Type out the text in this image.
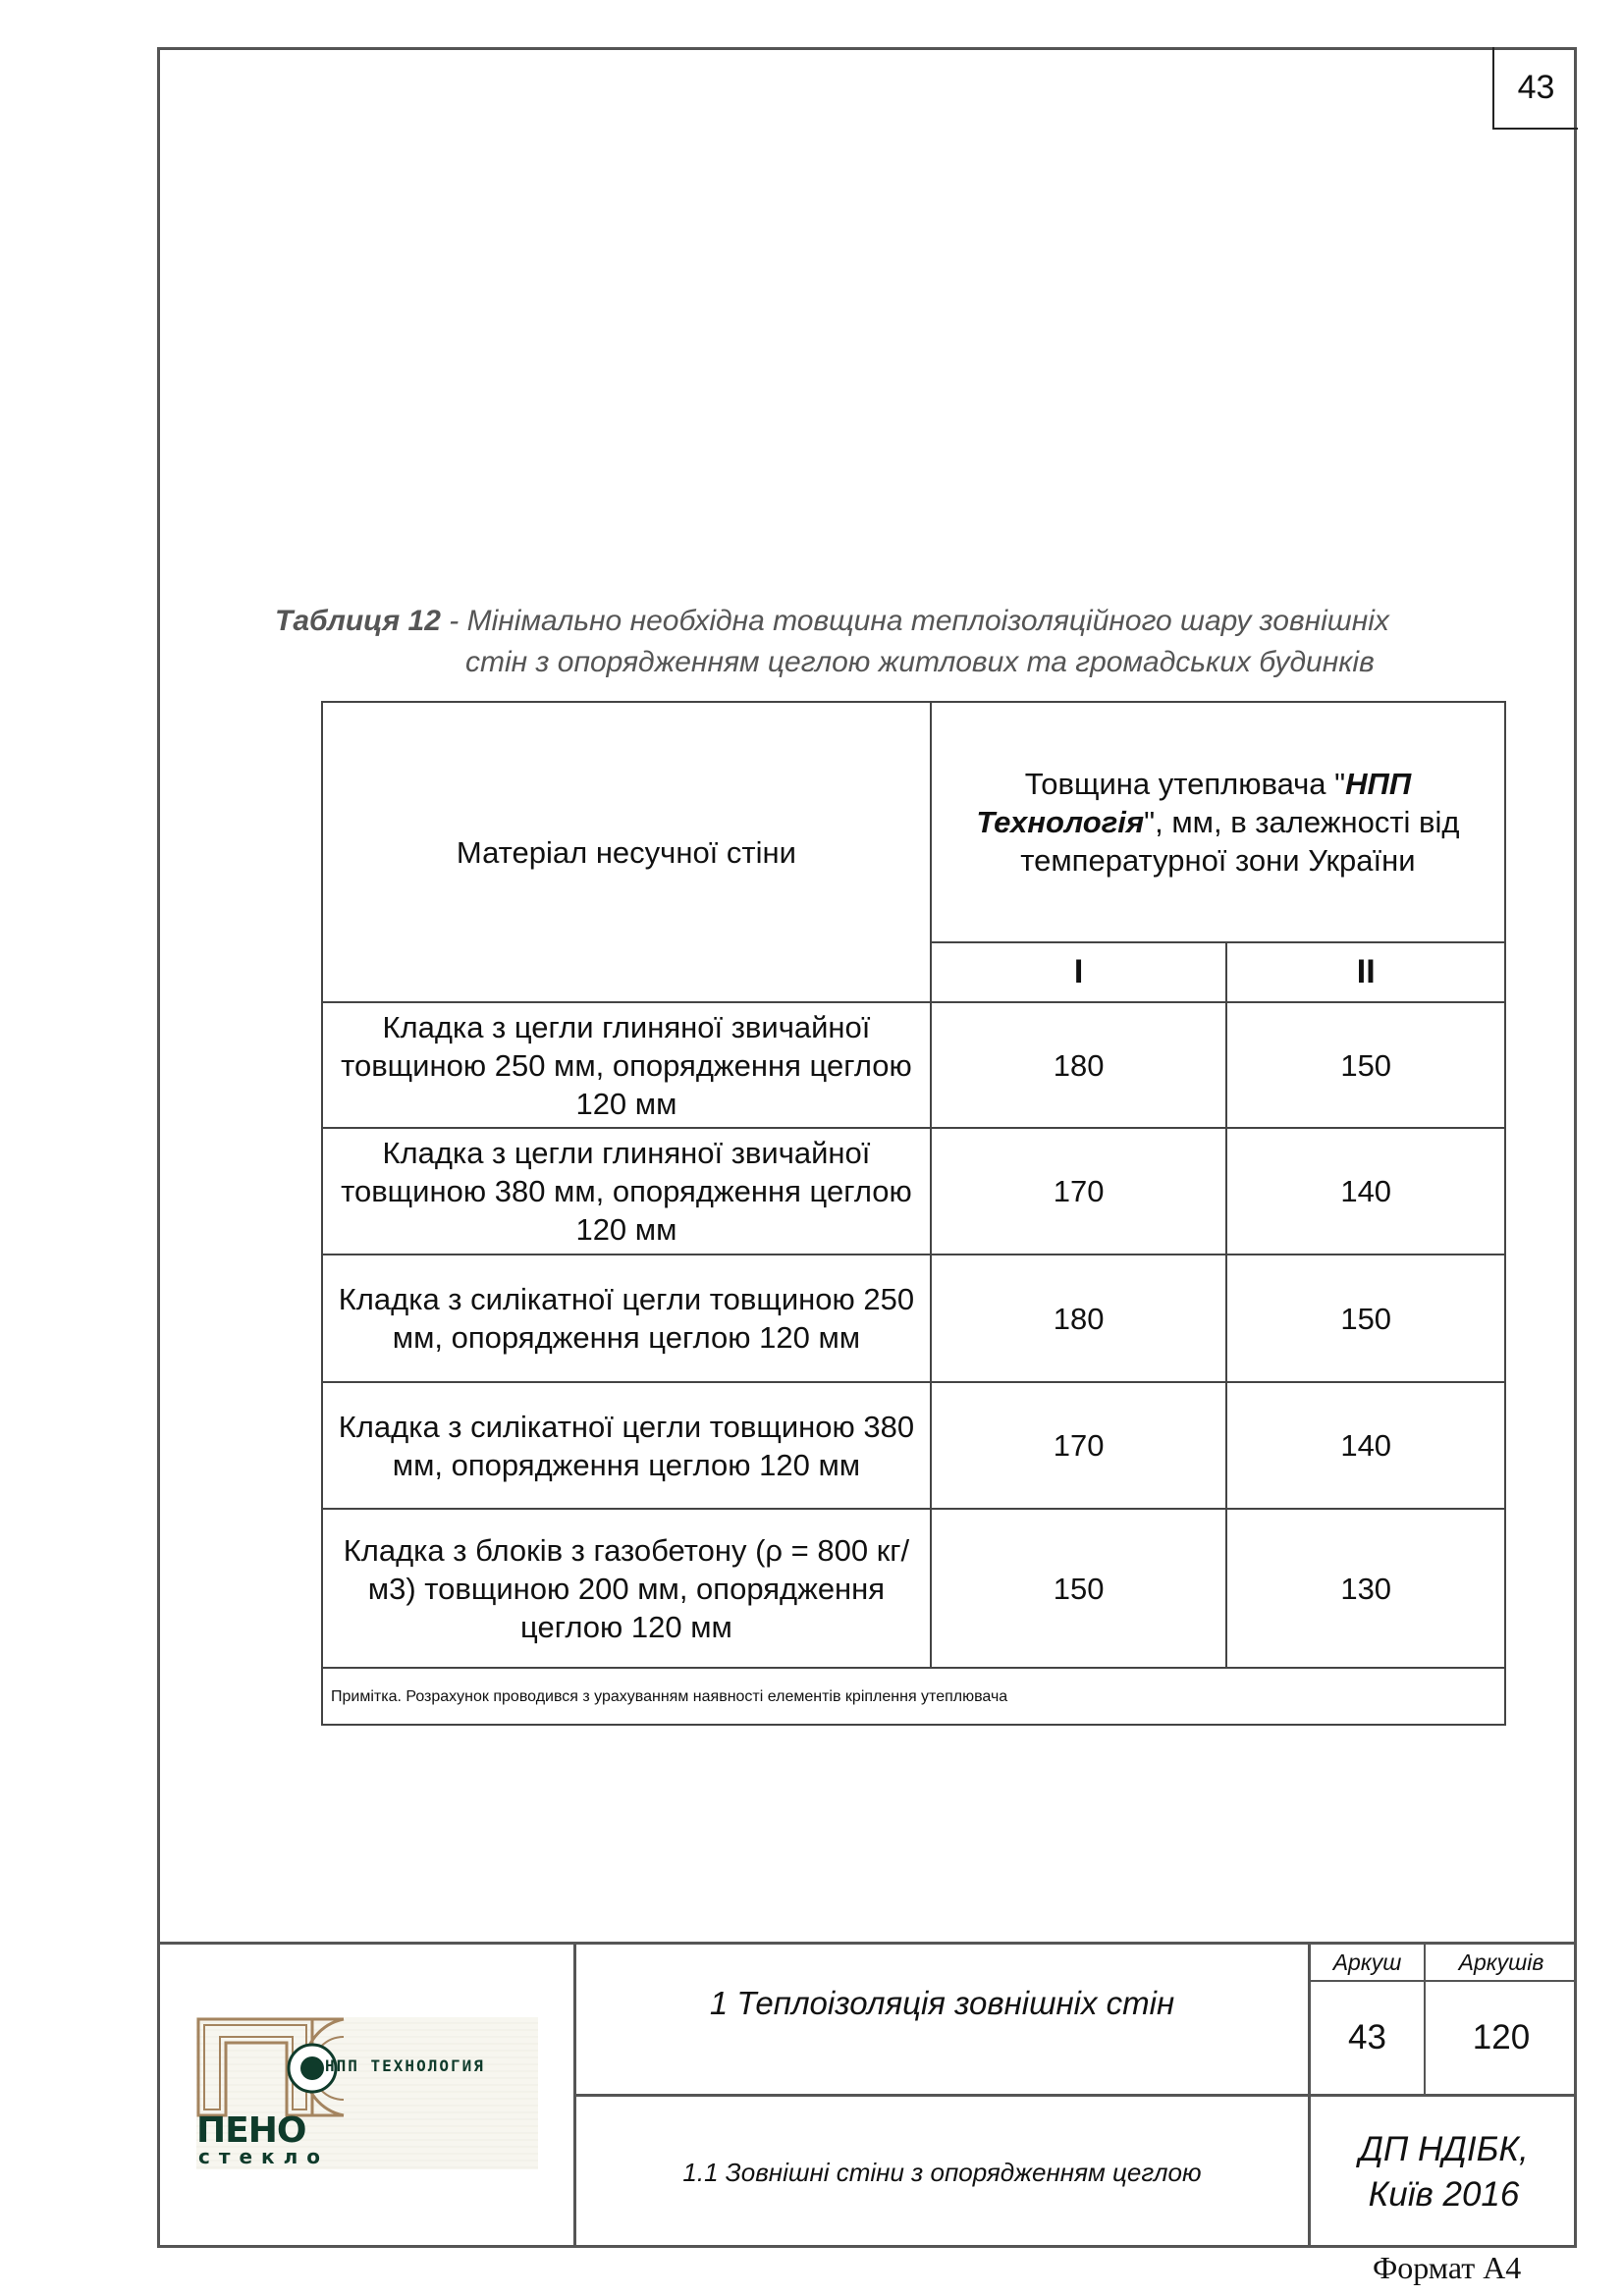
43
Таблиця 12 - Мінімально необхідна товщина теплоізоляційного шару зовнішніх
стін з опорядженням цеглою житлових та громадських будинків
Матеріал несучної стіни	Товщина утеплювача "НПП Технологія", мм, в залежності від температурної зони України	
	I	II
Кладка з цегли глиняної звичайної товщиною 250 мм, опорядження цеглою 120 мм	180	150
Кладка з цегли глиняної звичайної товщиною 380 мм, опорядження цеглою 120 мм	170	140
Кладка з силікатної цегли товщиною 250 мм, опорядження цеглою 120 мм	180	150
Кладка з силікатної цегли товщиною 380 мм, опорядження цеглою 120 мм	170	140
Кладка з блоків з газобетону (ρ = 800 кг/м3) товщиною 200 мм, опорядження цеглою 120 мм	150	130
Примітка. Розрахунок проводився з урахуванням наявності елементів кріплення утеплювача		
НПП ТЕХНОЛОГИЯ
ПЕНО
стекло
1 Теплоізоляція зовнішніх стін
1.1 Зовнішні стіни з опорядженням цеглою
Аркуш	Аркушів
43	120
ДП НДІБК,
Київ 2016
Формат А4
